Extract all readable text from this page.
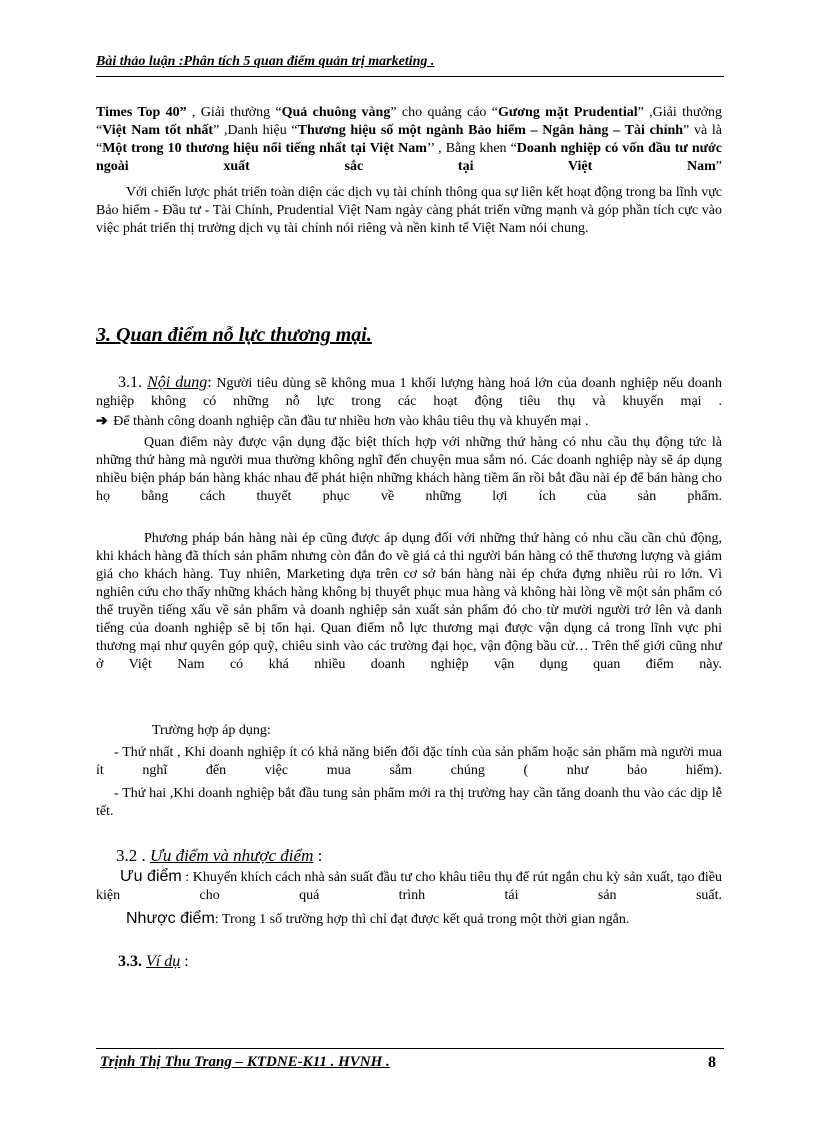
Bài thảo luận :Phân tích 5 quan điểm quản trị marketing .
Times Top 40” , Giải thưởng “Quả chuông vàng” cho quảng cáo “Gương mặt Prudential” ,Giải thưởng “Việt Nam tốt nhất” ,Danh hiệu “Thương hiệu số một ngành Bảo hiểm – Ngân hàng – Tài chính” và là “Một trong 10 thương hiệu nổi tiếng nhất tại Việt Nam’’ , Bằng khen “Doanh nghiệp có vốn đầu tư nước ngoài xuất sắc tại Việt Nam”
Với chiến lược phát triển toàn diện các dịch vụ tài chính thông qua sự liên kết hoạt động trong ba lĩnh vực Bảo hiểm - Đầu tư - Tài Chính, Prudential Việt Nam ngày càng phát triển vững mạnh và góp phần tích cực vào việc phát triển thị trường dịch vụ tài chính nói riêng và nền kinh tế Việt Nam nói chung.
3. Quan điểm nỗ lực thương mại.
3.1. Nội dung: Người tiêu dùng sẽ không mua 1 khối lượng hàng hoá lớn của doanh nghiệp nếu doanh nghiệp không có những nỗ lực trong các hoạt động tiêu thụ và khuyến mại .
➔ Để thành công doanh nghiệp cần đầu tư nhiều hơn vào khâu tiêu thụ và khuyến mại .
Quan điểm này được vận dụng đặc biệt thích hợp với những thứ hàng có nhu cầu thụ động tức là những thứ hàng mà người mua thường không nghĩ đến chuyện mua sắm nó. Các doanh nghiệp này sẽ áp dụng nhiều biện pháp bán hàng khác nhau để phát hiện những khách hàng tiềm ẩn rồi bắt đầu nài ép để bán hàng cho họ bằng cách thuyết phục về những lợi ích của sản phẩm.
Phương pháp bán hàng nài ép cũng được áp dụng đối với những thứ hàng có nhu cầu cần chủ động, khi khách hàng đã thích sản phẩm nhưng còn đắn đo về giá cả thì người bán hàng có thể thương lượng và giảm giá cho khách hàng. Tuy nhiên, Marketing dựa trên cơ sở bán hàng nài ép chứa đựng nhiều rủi ro lớn. Vì nghiên cứu cho thấy những khách hàng không bị thuyết phục mua hàng và không hài lòng về một sản phẩm có thể truyền tiếng xấu về sản phẩm và doanh nghiệp sản xuất sản phẩm đó cho từ mười người trở lên và danh tiếng của doanh nghiệp sẽ bị tổn hại. Quan điểm nỗ lực thương mại được vận dụng cả trong lĩnh vực phi thương mại như quyên góp quỹ, chiêu sinh vào các trường đại học, vận động bầu cử… Trên thế giới cũng như ở Việt Nam có khá nhiều doanh nghiệp vận dụng quan điểm này.
Trường hợp áp dụng:
- Thứ nhất , Khi doanh nghiệp ít có khả năng biến đổi đặc tính của sản phẩm hoặc sản phẩm mà người mua ít nghĩ đến việc mua sắm chúng ( như bảo hiểm).
- Thứ hai ,Khi doanh nghiệp bắt đầu tung sản phẩm mới ra thị trường hay cần tăng doanh thu vào các dịp lễ tết.
3.2 . Ưu điểm và nhược điểm :
Ưu điểm : Khuyến khích cách nhà sản suất đầu tư cho khâu tiêu thụ để rút ngắn chu kỳ sản xuất, tạo điều kiện cho quá trình tái sản suất.
Nhược điểm: Trong 1 số trường hợp thì chỉ đạt được kết quả trong một thời gian ngắn.
3.3. Ví dụ :
Trịnh Thị Thu Trang – KTDNE-K11 . HVNH .	8
